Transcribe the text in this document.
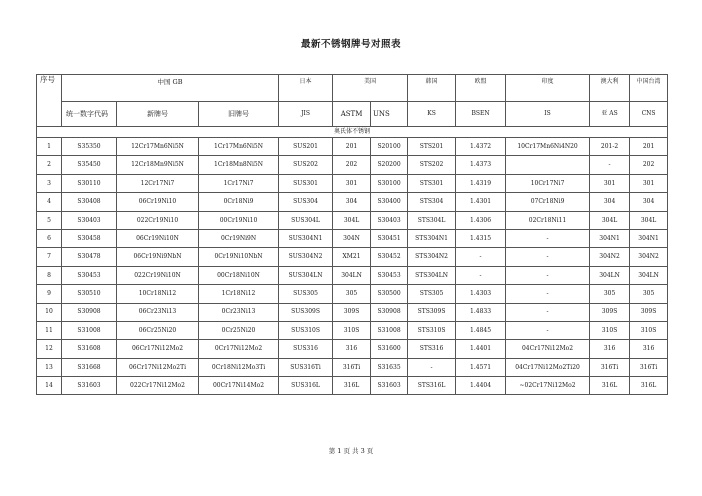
最新不锈钢牌号对照表
序号	中国 GB			日本	美国		韩国	欧盟	印度	澳大利	中国台湾
	统一数字代码	新牌号	旧牌号	JIS	ASTM	UNS	KS	BSEN	IS	亚 AS	CNS
奥氏体不锈钢											
1	S35350	12Cr17Mn6Ni5N	1Cr17Mn6Ni5N	SUS201	201	S20100	STS201	1.4372	10Cr17Mn6Ni4N20	201-2	201
2	S35450	12Cr18Mn9Ni5N	1Cr18Mn8Ni5N	SUS202	202	S20200	STS202	1.4373		-	202
3	S30110	12Cr17Ni7	1Cr17Ni7	SUS301	301	S30100	STS301	1.4319	10Cr17Ni7	301	301
4	S30408	06Cr19Ni10	0Cr18Ni9	SUS304	304	S30400	STS304	1.4301	07Cr18Ni9	304	304
5	S30403	022Cr19Ni10	00Cr19Ni10	SUS304L	304L	S30403	STS304L	1.4306	02Cr18Ni11	304L	304L
6	S30458	06Cr19Ni10N	0Cr19Ni9N	SUS304N1	304N	S30451	STS304N1	1.4315	-	304N1	304N1
7	S30478	06Cr19Ni9NbN	0Cr19Ni10NbN	SUS304N2	XM21	S30452	STS304N2	-	-	304N2	304N2
8	S30453	022Cr19Ni10N	00Cr18Ni10N	SUS304LN	304LN	S30453	STS304LN	-	-	304LN	304LN
9	S30510	10Cr18Ni12	1Cr18Ni12	SUS305	305	S30500	STS305	1.4303	-	305	305
10	S30908	06Cr23Ni13	0Cr23Ni13	SUS309S	309S	S30908	STS309S	1.4833	-	309S	309S
11	S31008	06Cr25Ni20	0Cr25Ni20	SUS310S	310S	S31008	STS310S	1.4845	-	310S	310S
12	S31608	06Cr17Ni12Mo2	0Cr17Ni12Mo2	SUS316	316	S31600	STS316	1.4401	04Cr17Ni12Mo2	316	316
13	S31668	06Cr17Ni12Mo2Ti	0Cr18Ni12Mo3Ti	SUS316Ti	316Ti	S31635	-	1.4571	04Cr17Ni12Mo2Ti20	316Ti	316Ti
14	S31603	022Cr17Ni12Mo2	00Cr17Ni14Mo2	SUS316L	316L	S31603	STS316L	1.4404	~02Cr17Ni12Mo2	316L	316L
第 1 页 共 3 页
